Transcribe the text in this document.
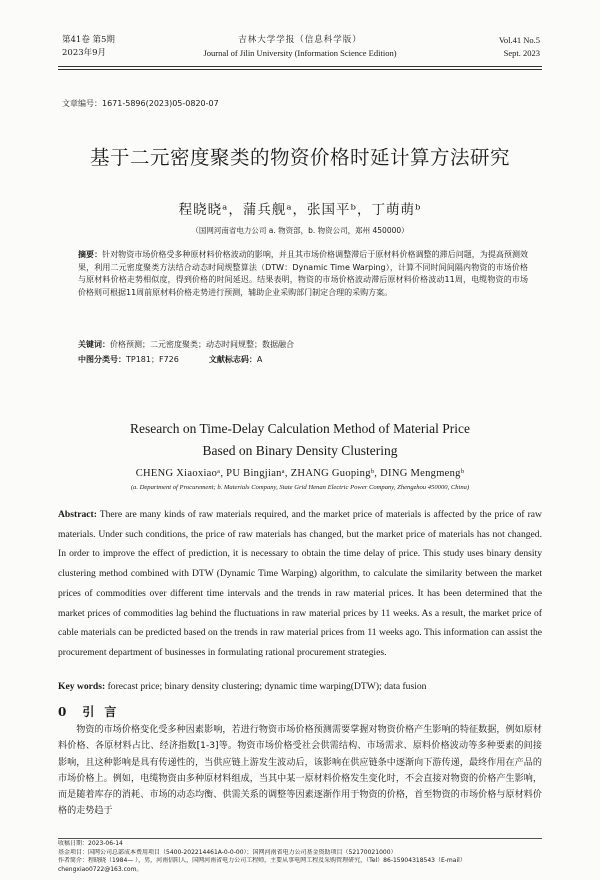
第41卷 第5期
2023年9月
吉林大学学报（信息科学版）
Journal of Jilin University (Information Science Edition)
Vol.41 No.5
Sept. 2023
文章编号：1671-5896(2023)05-0820-07
基于二元密度聚类的物资价格时延计算方法研究
程晓晓ᵃ，蒲兵舰ᵃ，张国平ᵇ，丁萌萌ᵇ
（国网河南省电力公司 a. 物资部，b. 物资公司，郑州 450000）
摘要：针对物资市场价格受多种原材料价格波动的影响，并且其市场价格调整滞后于原材料价格调整的滞后问题，为提高预测效果，利用二元密度聚类方法结合动态时间规整算法（DTW：Dynamic Time Warping），计算不同时间间隔内物资的市场价格与原材料价格走势相似度，得到价格的时间延迟。结果表明，物资的市场价格波动滞后原材料价格波动11周，电缆物资的市场价格则可根据11周前原材料价格走势进行预测，辅助企业采购部门制定合理的采购方案。
关键词：价格预测；二元密度聚类；动态时间规整；数据融合
中图分类号：TP181；F726	文献标志码：A
Research on Time-Delay Calculation Method of Material Price
Based on Binary Density Clustering
CHENG Xiaoxiaoᵃ, PU Bingjianᵃ, ZHANG Guopingᵇ, DING Mengmengᵇ
(a. Department of Procurement; b. Materials Company, State Grid Henan Electric Power Company, Zhengzhou 450000, China)
Abstract: There are many kinds of raw materials required, and the market price of materials is affected by the price of raw materials. Under such conditions, the price of raw materials has changed, but the market price of materials has not changed. In order to improve the effect of prediction, it is necessary to obtain the time delay of price. This study uses binary density clustering method combined with DTW (Dynamic Time Warping) algorithm, to calculate the similarity between the market prices of commodities over different time intervals and the trends in raw material prices. It has been determined that the market prices of commodities lag behind the fluctuations in raw material prices by 11 weeks. As a result, the market price of cable materials can be predicted based on the trends in raw material prices from 11 weeks ago. This information can assist the procurement department of businesses in formulating rational procurement strategies.
Key words: forecast price; binary density clustering; dynamic time warping(DTW); data fusion
0 引言
物资的市场价格变化受多种因素影响，若进行物资市场价格预测需要掌握对物资价格产生影响的特征数据，例如原材料价格、各原材料占比、经济指数[1-3]等。物资市场价格受社会供需结构、市场需求、原料价格波动等多种要素的间接影响，且这种影响是具有传递性的，当供应链上游发生波动后，该影响在供应链条中逐渐向下游传递，最终作用在产品的市场价格上。例如，电缆物资由多种原材料组成，当其中某一原材料价格发生变化时，不会直接对物资的价格产生影响，而是随着库存的消耗、市场的动态均衡、供需关系的调整等因素逐渐作用于物资的价格，首至物资的市场价格与原材料价格的走势趋于
收稿日期：2023-06-14
基金项目：国网公司总部成本费用项目（5400-202214461A-0-0-00）；国网河南省电力公司基金资助项目（52170021000）
作者简介：程晓晓（1984— ），男，河南信阳人，国网河南省电力公司工程师，主要从事电网工程及采购管理研究，（Tel）86-15904318543（E-mail）chengxiao0722@163.com。
